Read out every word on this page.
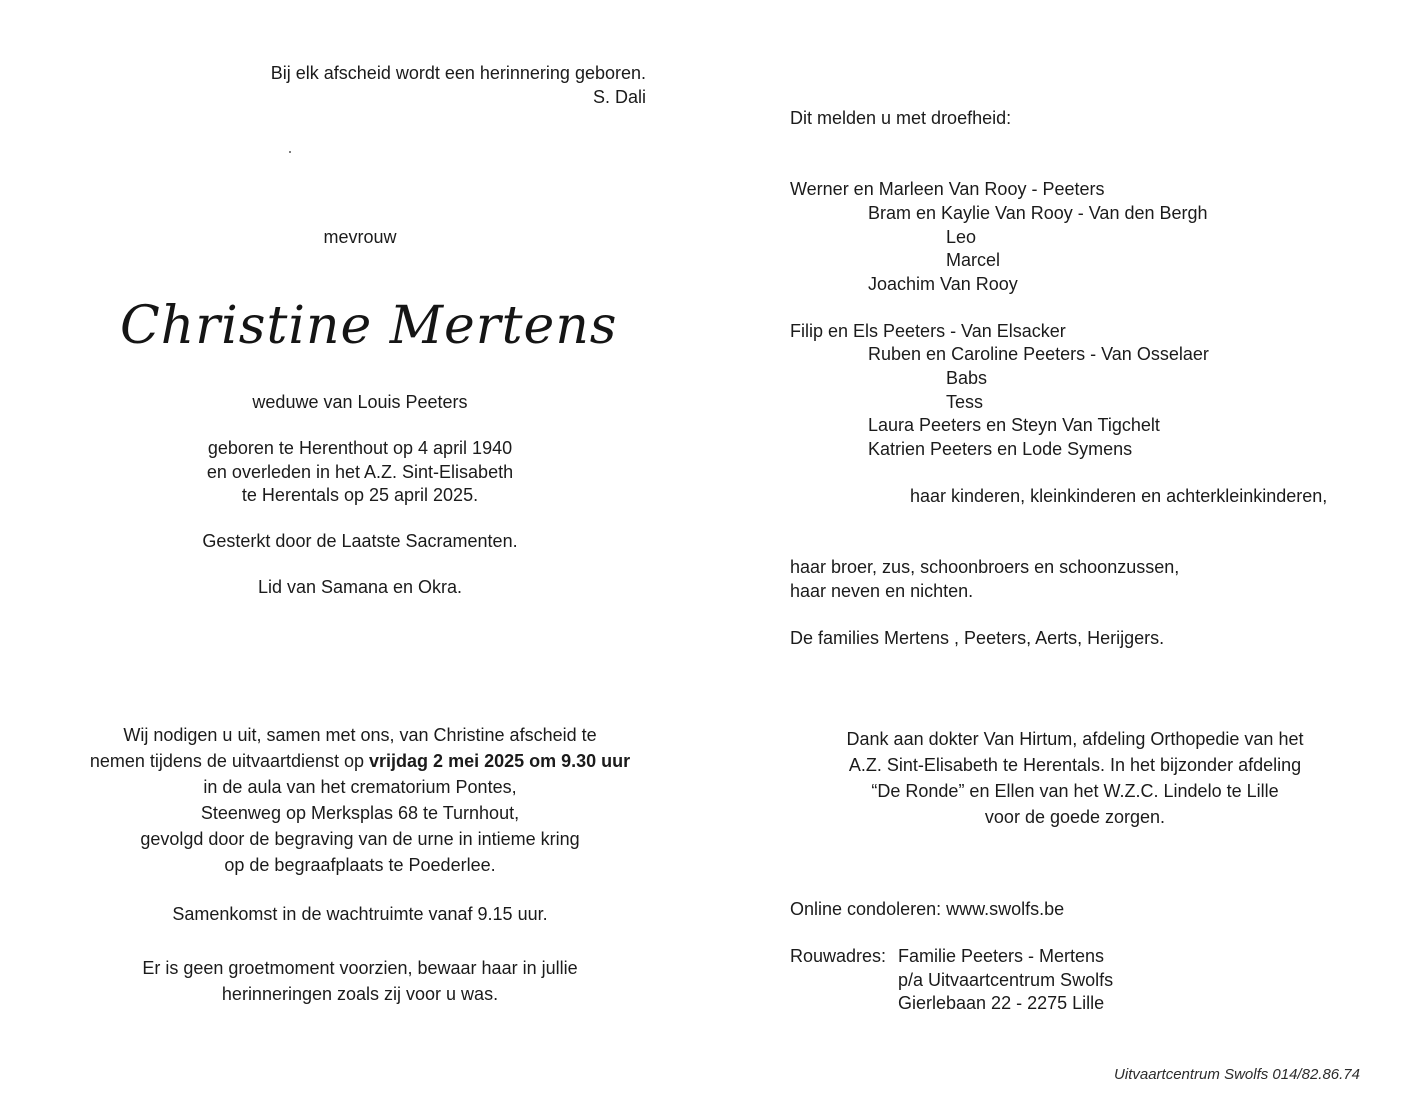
Bij elk afscheid wordt een herinnering geboren.
S. Dali
mevrouw
Christine Mertens
weduwe van Louis Peeters
geboren te Herenthout op 4 april 1940
en overleden in het A.Z. Sint-Elisabeth
te Herentals op 25 april 2025.
Gesterkt door de Laatste Sacramenten.
Lid van Samana en Okra.
Wij nodigen u uit, samen met ons, van Christine afscheid te
nemen tijdens de uitvaartdienst op vrijdag 2 mei 2025 om 9.30 uur
in de aula van het crematorium Pontes,
Steenweg op Merksplas 68 te Turnhout,
gevolgd door de begraving van de urne in intieme kring
op de begraafplaats te Poederlee.
Samenkomst in de wachtruimte vanaf 9.15 uur.
Er is geen groetmoment voorzien, bewaar haar in jullie
herinneringen zoals zij voor u was.
Dit melden u met droefheid:
Werner en Marleen Van Rooy - Peeters
Bram en Kaylie Van Rooy - Van den Bergh
Leo
Marcel
Joachim Van Rooy
Filip en Els Peeters - Van Elsacker
Ruben en Caroline Peeters - Van Osselaer
Babs
Tess
Laura Peeters en Steyn Van Tigchelt
Katrien Peeters en Lode Symens
haar kinderen, kleinkinderen en achterkleinkinderen,
haar broer, zus, schoonbroers en schoonzussen,
haar neven en nichten.
De families Mertens , Peeters, Aerts, Herijgers.
Dank aan dokter Van Hirtum, afdeling Orthopedie van het
A.Z. Sint-Elisabeth te Herentals. In het bijzonder afdeling
“De Ronde” en Ellen van het W.Z.C. Lindelo te Lille
voor de goede zorgen.
Online condoleren: www.swolfs.be
Rouwadres: Familie Peeters - Mertens
p/a Uitvaartcentrum Swolfs
Gierlebaan 22 - 2275 Lille
Uitvaartcentrum Swolfs 014/82.86.74
